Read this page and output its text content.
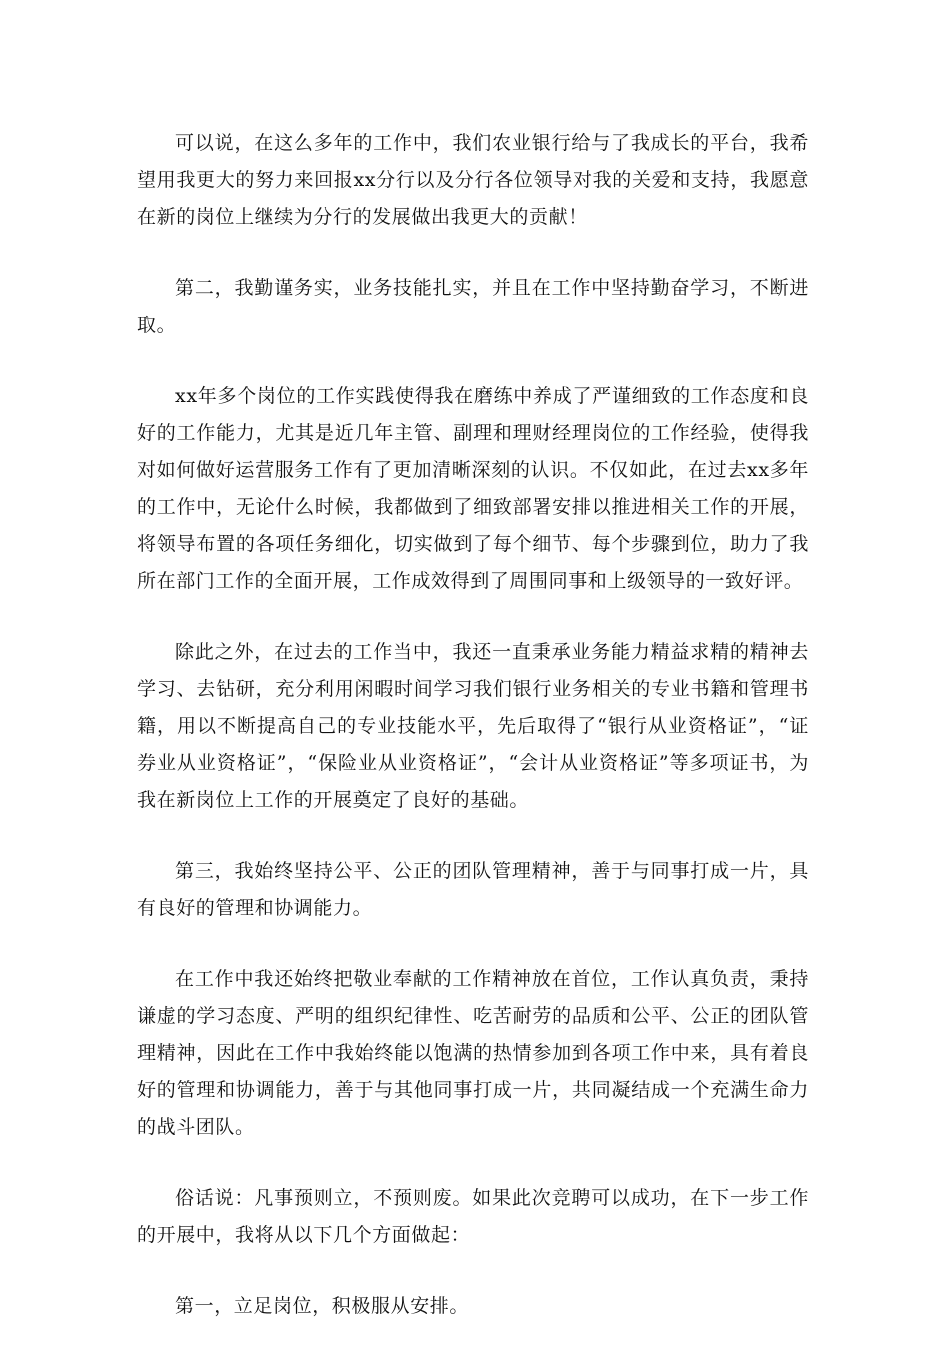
可以说，在这么多年的工作中，我们农业银行给与了我成长的平台，我希望用我更大的努力来回报xx分行以及分行各位领导对我的关爱和支持，我愿意在新的岗位上继续为分行的发展做出我更大的贡献！

第二，我勤谨务实，业务技能扎实，并且在工作中坚持勤奋学习，不断进取。

xx年多个岗位的工作实践使得我在磨练中养成了严谨细致的工作态度和良好的工作能力，尤其是近几年主管、副理和理财经理岗位的工作经验，使得我对如何做好运营服务工作有了更加清晰深刻的认识。不仅如此，在过去xx多年的工作中，无论什么时候，我都做到了细致部署安排以推进相关工作的开展，将领导布置的各项任务细化，切实做到了每个细节、每个步骤到位，助力了我所在部门工作的全面开展，工作成效得到了周围同事和上级领导的一致好评。

除此之外，在过去的工作当中，我还一直秉承业务能力精益求精的精神去学习、去钻研，充分利用闲暇时间学习我们银行业务相关的专业书籍和管理书籍，用以不断提高自己的专业技能水平，先后取得了“银行从业资格证”，“证券业从业资格证”，“保险业从业资格证”，“会计从业资格证”等多项证书，为我在新岗位上工作的开展奠定了良好的基础。

第三，我始终坚持公平、公正的团队管理精神，善于与同事打成一片，具有良好的管理和协调能力。

在工作中我还始终把敬业奉献的工作精神放在首位，工作认真负责，秉持谦虚的学习态度、严明的组织纪律性、吃苦耐劳的品质和公平、公正的团队管理精神，因此在工作中我始终能以饱满的热情参加到各项工作中来，具有着良好的管理和协调能力，善于与其他同事打成一片，共同凝结成一个充满生命力的战斗团队。

俗话说：凡事预则立，不预则废。如果此次竞聘可以成功，在下一步工作的开展中，我将从以下几个方面做起：

第一，立足岗位，积极服从安排。
